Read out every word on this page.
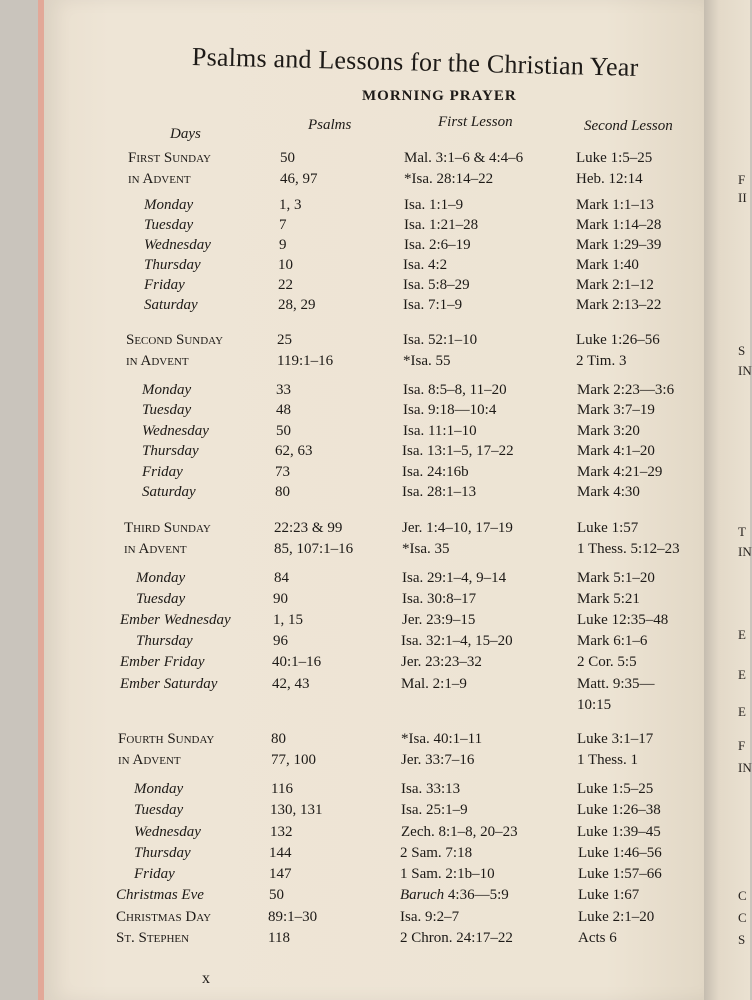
F
II
S
IN
T
IN
E
E
E
F
IN
C
C
S
Psalms and Lessons for the Christian Year
MORNING PRAYER
Days
Psalms	First Lesson	Second Lesson
First Sunday	50	Mal. 3:1–6 & 4:4–6	Luke 1:5–25
in Advent	46, 97	*Isa. 28:14–22	Heb. 12:14
Monday	1, 3	Isa. 1:1–9	Mark 1:1–13
Tuesday	7	Isa. 1:21–28	Mark 1:14–28
Wednesday	9	Isa. 2:6–19	Mark 1:29–39
Thursday	10	Isa. 4:2	Mark 1:40
Friday	22	Isa. 5:8–29	Mark 2:1–12
Saturday	28, 29	Isa. 7:1–9	Mark 2:13–22
Second Sunday	25	Isa. 52:1–10	Luke 1:26–56
in Advent	119:1–16	*Isa. 55	2 Tim. 3
Monday	33	Isa. 8:5–8, 11–20	Mark 2:23—3:6
Tuesday	48	Isa. 9:18—10:4	Mark 3:7–19
Wednesday	50	Isa. 11:1–10	Mark 3:20
Thursday	62, 63	Isa. 13:1–5, 17–22	Mark 4:1–20
Friday	73	Isa. 24:16b	Mark 4:21–29
Saturday	80	Isa. 28:1–13	Mark 4:30
Third Sunday	22:23 & 99	Jer. 1:4–10, 17–19	Luke 1:57
in Advent	85, 107:1–16	*Isa. 35	1 Thess. 5:12–23
Monday	84	Isa. 29:1–4, 9–14	Mark 5:1–20
Tuesday	90	Isa. 30:8–17	Mark 5:21
Ember Wednesday	1, 15	Jer. 23:9–15	Luke 12:35–48
Thursday	96	Isa. 32:1–4, 15–20	Mark 6:1–6
Ember Friday	40:1–16	Jer. 23:23–32	2 Cor. 5:5
Ember Saturday	42, 43	Mal. 2:1–9	Matt. 9:35—
10:15
Fourth Sunday	80	*Isa. 40:1–11	Luke 3:1–17
in Advent	77, 100	Jer. 33:7–16	1 Thess. 1
Monday	116	Isa. 33:13	Luke 1:5–25
Tuesday	130, 131	Isa. 25:1–9	Luke 1:26–38
Wednesday	132	Zech. 8:1–8, 20–23	Luke 1:39–45
Thursday	144	2 Sam. 7:18	Luke 1:46–56
Friday	147	1 Sam. 2:1b–10	Luke 1:57–66
Christmas Eve	50	Baruch 4:36—5:9	Luke 1:67
Christmas Day	89:1–30	Isa. 9:2–7	Luke 2:1–20
St. Stephen	118	2 Chron. 24:17–22	Acts 6
x
